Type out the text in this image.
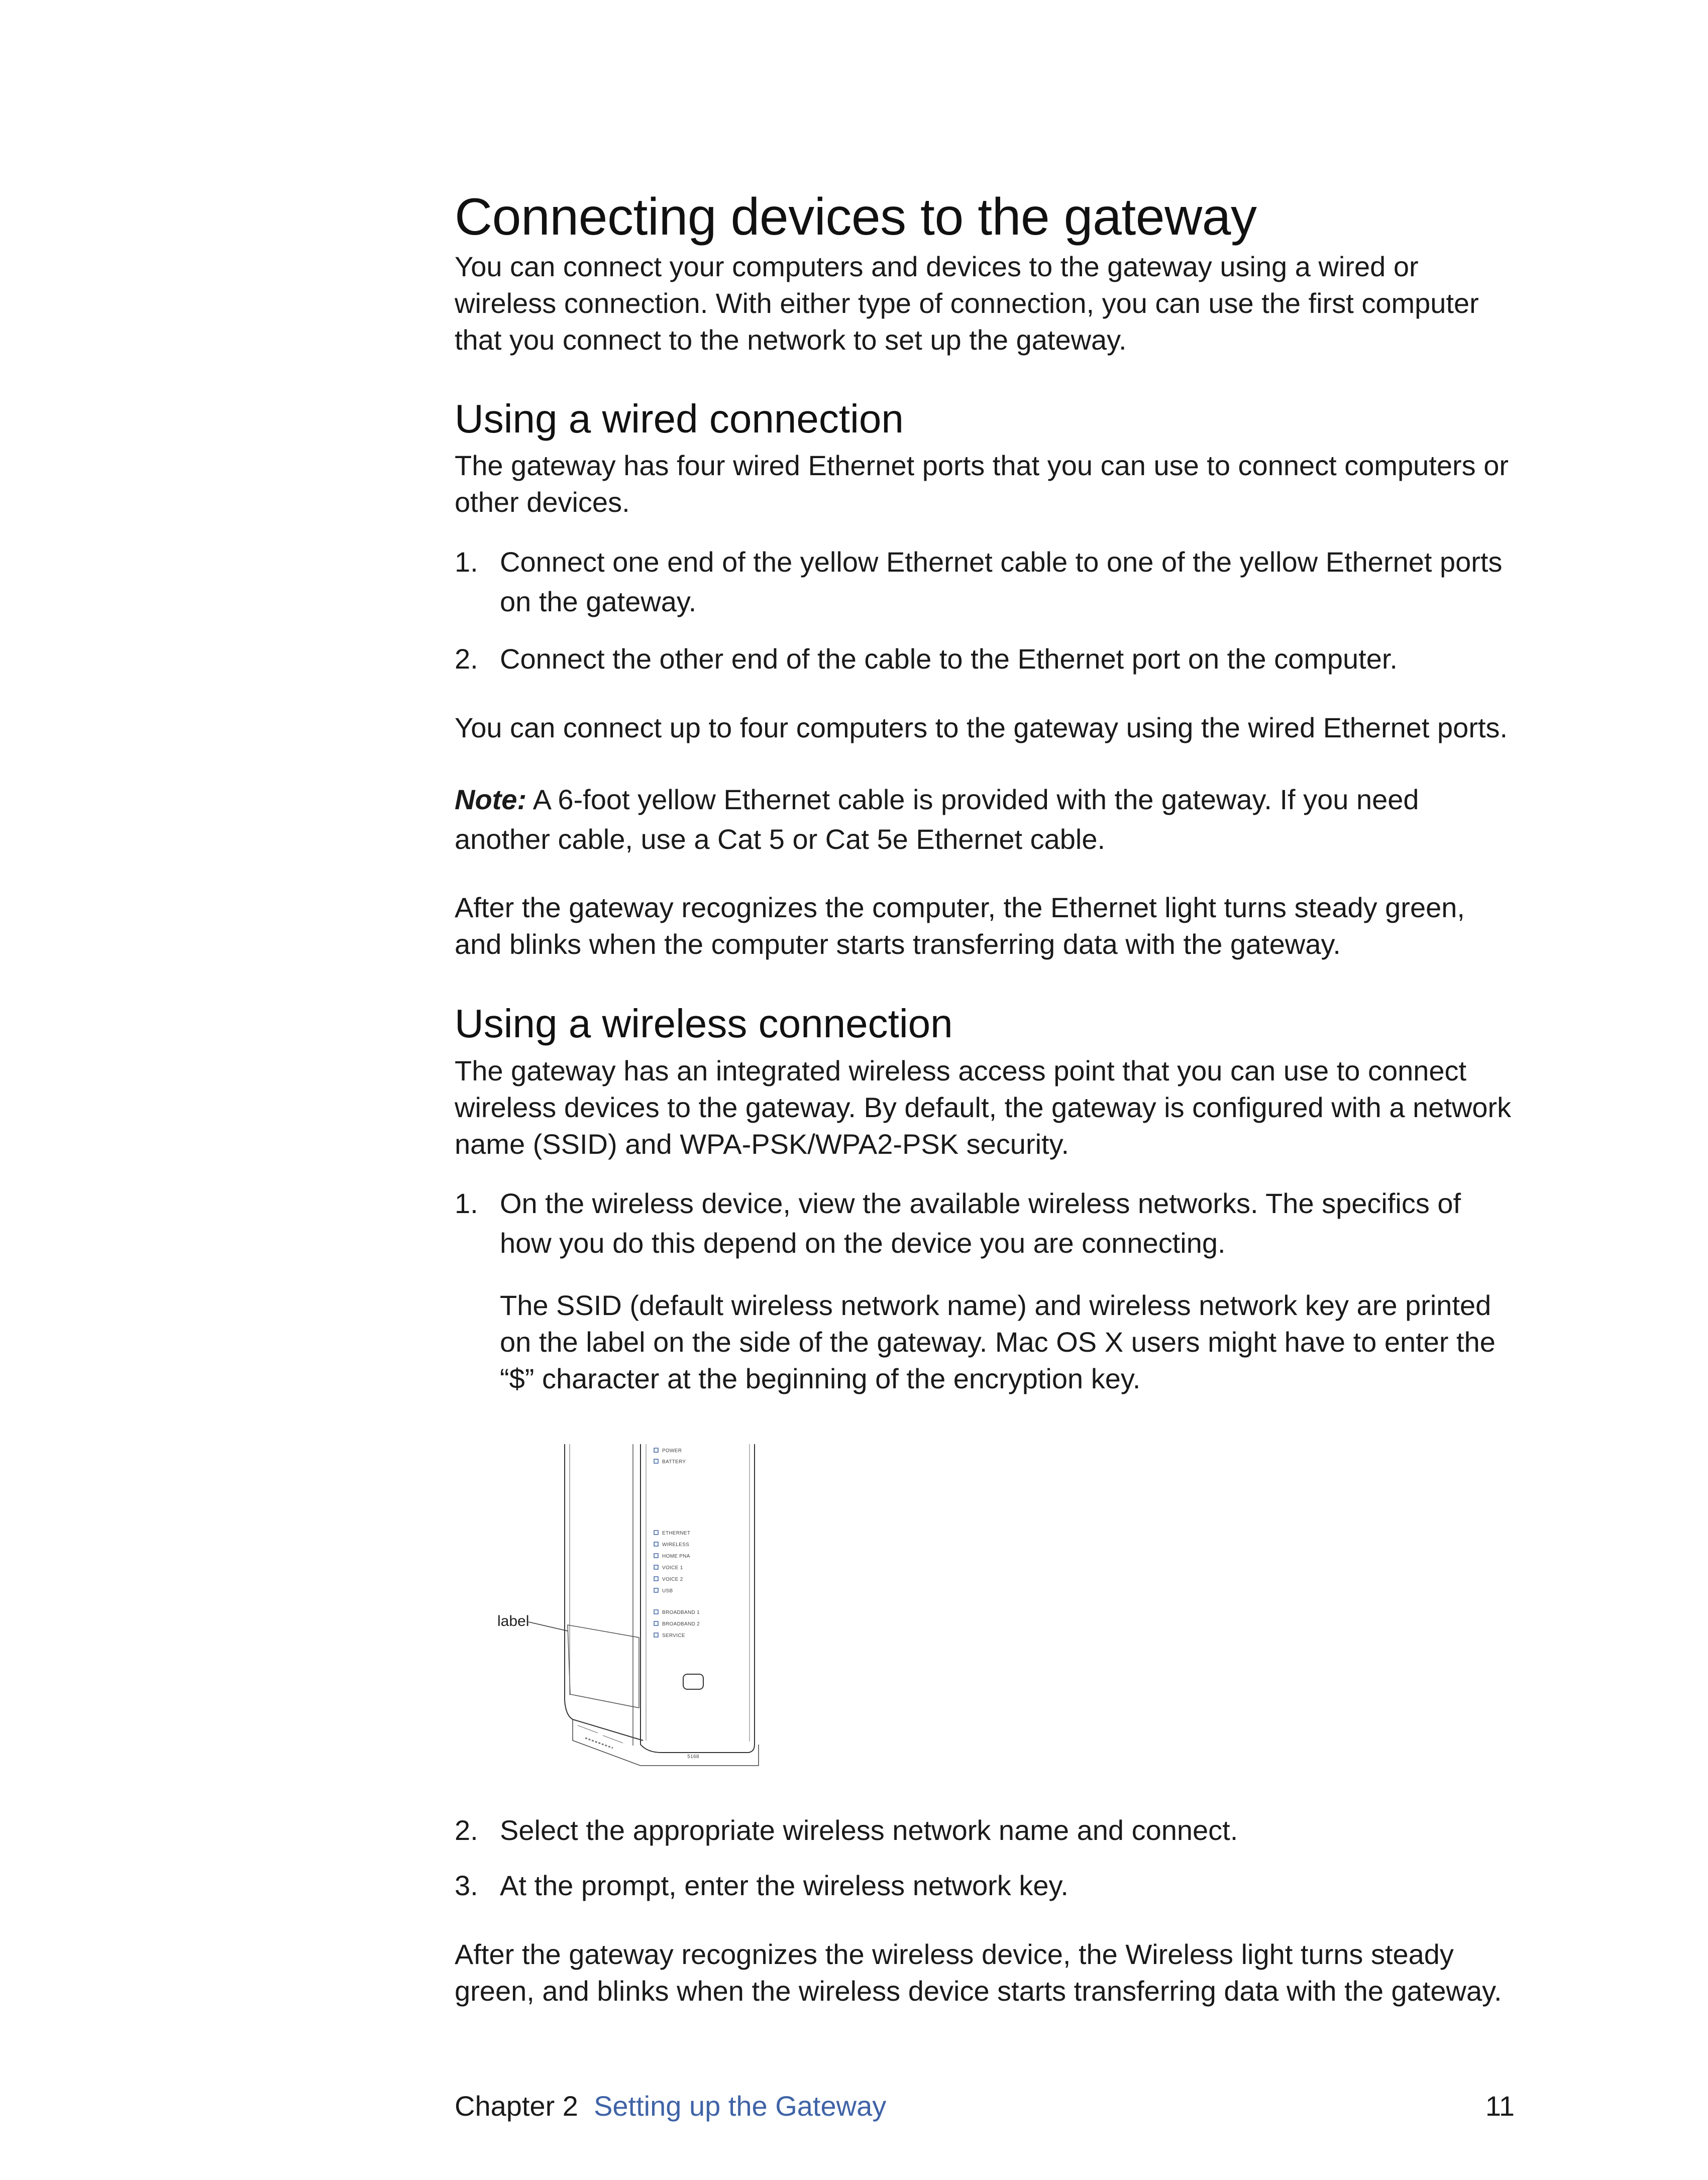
Connecting devices to the gateway

You can connect your computers and devices to the gateway using a wired or wireless connection. With either type of connection, you can use the first computer that you connect to the network to set up the gateway.

Using a wired connection

The gateway has four wired Ethernet ports that you can use to connect computers or other devices.

1. Connect one end of the yellow Ethernet cable to one of the yellow Ethernet ports on the gateway.
2. Connect the other end of the cable to the Ethernet port on the computer.

You can connect up to four computers to the gateway using the wired Ethernet ports.

Note: A 6-foot yellow Ethernet cable is provided with the gateway. If you need another cable, use a Cat 5 or Cat 5e Ethernet cable.

After the gateway recognizes the computer, the Ethernet light turns steady green, and blinks when the computer starts transferring data with the gateway.

Using a wireless connection

The gateway has an integrated wireless access point that you can use to connect wireless devices to the gateway. By default, the gateway is configured with a network name (SSID) and WPA-PSK/WPA2-PSK security.

1. On the wireless device, view the available wireless networks. The specifics of how you do this depend on the device you are connecting.

The SSID (default wireless network name) and wireless network key are printed on the label on the side of the gateway. Mac OS X users might have to enter the “$” character at the beginning of the encryption key.

POWER
BATTERY
ETHERNET
WIRELESS
HOME PNA
VOICE 1
VOICE 2
USB
BROADBAND 1
BROADBAND 2
SERVICE
5168
label
2. Select the appropriate wireless network name and connect.
3. At the prompt, enter the wireless network key.

After the gateway recognizes the wireless device, the Wireless light turns steady green, and blinks when the wireless device starts transferring data with the gateway.

Chapter 2 Setting up the Gateway	11
